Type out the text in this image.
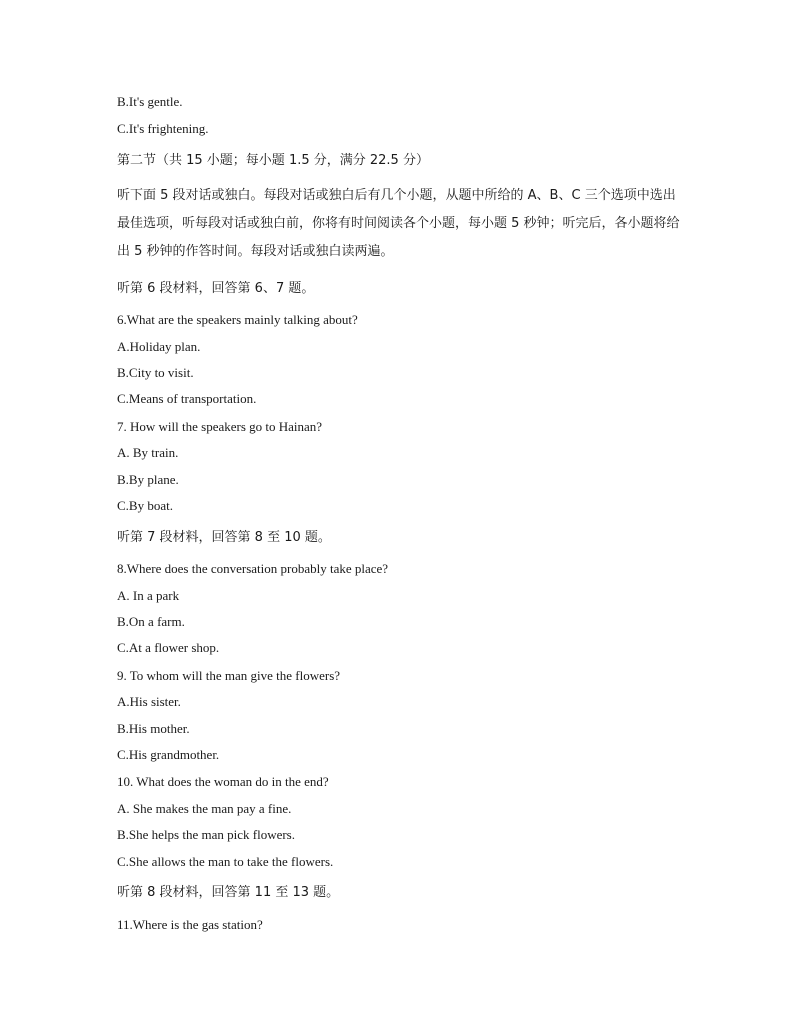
B.It's gentle.
C.It's frightening.
第二节（共 15 小题；每小题 1.5 分，满分 22.5 分）
听下面 5 段对话或独白。每段对话或独白后有几个小题，从题中所给的 A、B、C 三个选项中选出最佳选项，听每段对话或独白前，你将有时间阅读各个小题，每小题 5 秒钟；听完后，各小题将给出 5 秒钟的作答时间。每段对话或独白读两遍。
听第 6 段材料，回答第 6、7 题。
6.What are the speakers mainly talking about?
A.Holiday plan.
B.City to visit.
C.Means of transportation.
7. How will the speakers go to Hainan?
A. By train.
B.By plane.
C.By boat.
听第 7 段材料，回答第 8 至 10 题。
8.Where does the conversation probably take place?
A. In a park
B.On a farm.
C.At a flower shop.
9. To whom will the man give the flowers?
A.His sister.
B.His mother.
C.His grandmother.
10. What does the woman do in the end?
A. She makes the man pay a fine.
B.She helps the man pick flowers.
C.She allows the man to take the flowers.
听第 8 段材料，回答第 11 至 13 题。
11.Where is the gas station?
